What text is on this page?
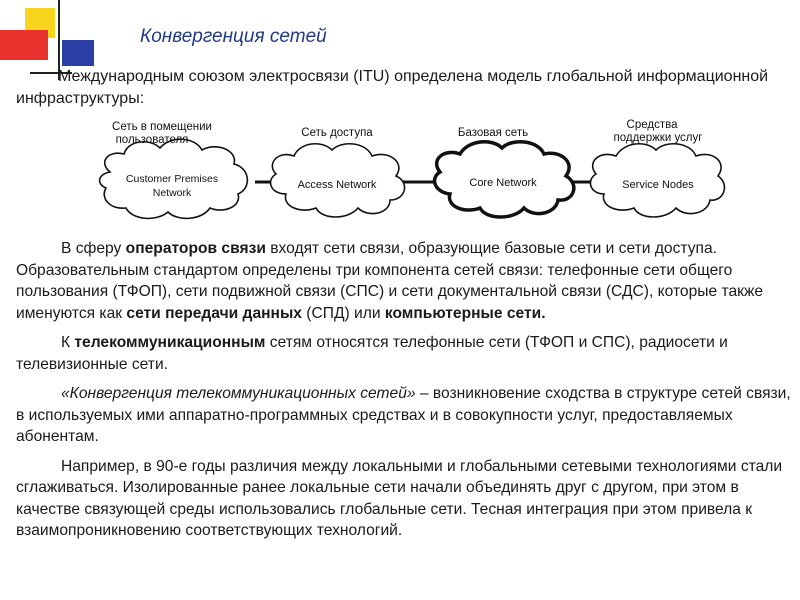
Конвергенция сетей

Международным союзом электросвязи (ITU) определена модель глобальной информационной инфраструктуры:

Customer Premises
Network
Сеть в помещении
пользователя
Access Network
Сеть доступа
Core Network
Базовая сеть
Service Nodes
Средства
поддержки услуг

В сферу операторов связи входят сети связи, образующие базовые сети и сети доступа. Образовательным стандартом определены три компонента сетей связи: телефонные сети общего пользования (ТФОП), сети подвижной связи (СПС) и сети документальной связи (СДС), которые также именуются как сети передачи данных (СПД) или компьютерные сети.

К телекоммуникационным сетям относятся телефонные сети (ТФОП и СПС), радиосети и телевизионные сети.

«Конвергенция телекоммуникационных сетей» – возникновение сходства в структуре сетей связи, в используемых ими аппаратно-программных средствах и в совокупности услуг, предоставляемых абонентам.

Например, в 90-е годы различия между локальными и глобальными сетевыми технологиями стали сглаживаться. Изолированные ранее локальные сети начали объединять друг с другом, при этом в качестве связующей среды использовались глобальные сети. Тесная интеграция при этом привела к взаимопроникновению соответствующих технологий.
